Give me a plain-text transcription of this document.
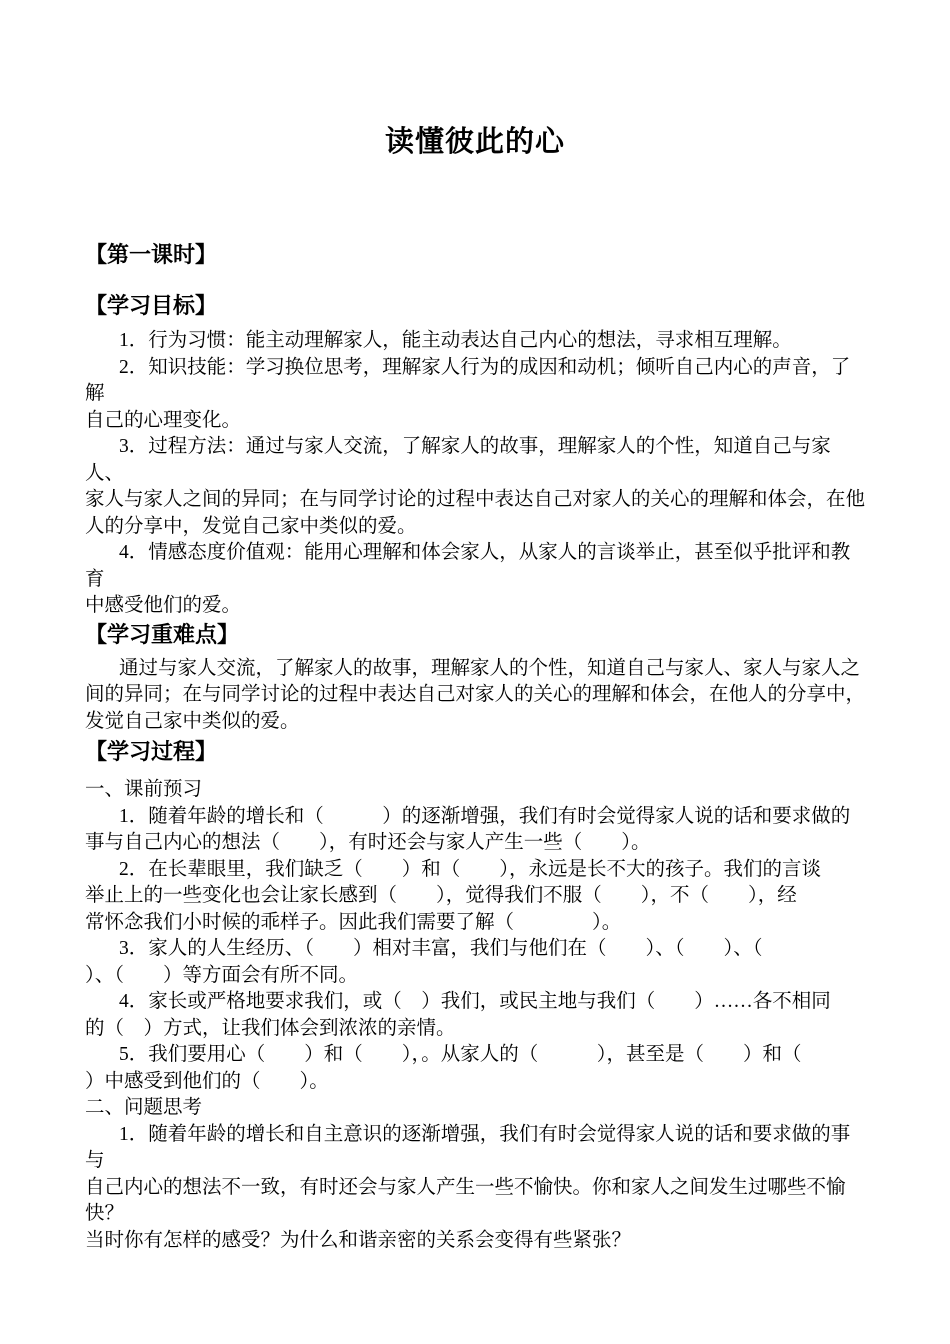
读懂彼此的心
【第一课时】
【学习目标】
1．行为习惯：能主动理解家人，能主动表达自己内心的想法，寻求相互理解。
2．知识技能：学习换位思考，理解家人行为的成因和动机；倾听自己内心的声音，了解
自己的心理变化。
3．过程方法：通过与家人交流，了解家人的故事，理解家人的个性，知道自己与家人、
家人与家人之间的异同；在与同学讨论的过程中表达自己对家人的关心的理解和体会，在他
人的分享中，发觉自己家中类似的爱。
4．情感态度价值观：能用心理解和体会家人，从家人的言谈举止，甚至似乎批评和教育
中感受他们的爱。
【学习重难点】
通过与家人交流，了解家人的故事，理解家人的个性，知道自己与家人、家人与家人之
间的异同；在与同学讨论的过程中表达自己对家人的关心的理解和体会，在他人的分享中，
发觉自己家中类似的爱。
【学习过程】
一、课前预习
1．随着年龄的增长和（　　　）的逐渐增强，我们有时会觉得家人说的话和要求做的
事与自己内心的想法（　　），有时还会与家人产生一些（　　）。
2．在长辈眼里，我们缺乏（　　）和（　　），永远是长不大的孩子。我们的言谈
举止上的一些变化也会让家长感到（　　），觉得我们不服（　　），不（　　），经
常怀念我们小时候的乖样子。因此我们需要了解（　　　　）。
3．家人的人生经历、（　　）相对丰富，我们与他们在（　　）、（　　）、（
）、（　　）等方面会有所不同。
4．家长或严格地要求我们，或（　）我们，或民主地与我们（　　）……各不相同
的（　）方式，让我们体会到浓浓的亲情。
5．我们要用心（　　）和（　　），。从家人的（　　　），甚至是（　　）和（
）中感受到他们的（　　）。
二、问题思考
1．随着年龄的增长和自主意识的逐渐增强，我们有时会觉得家人说的话和要求做的事与
自己内心的想法不一致，有时还会与家人产生一些不愉快。你和家人之间发生过哪些不愉快？
当时你有怎样的感受？为什么和谐亲密的关系会变得有些紧张？
